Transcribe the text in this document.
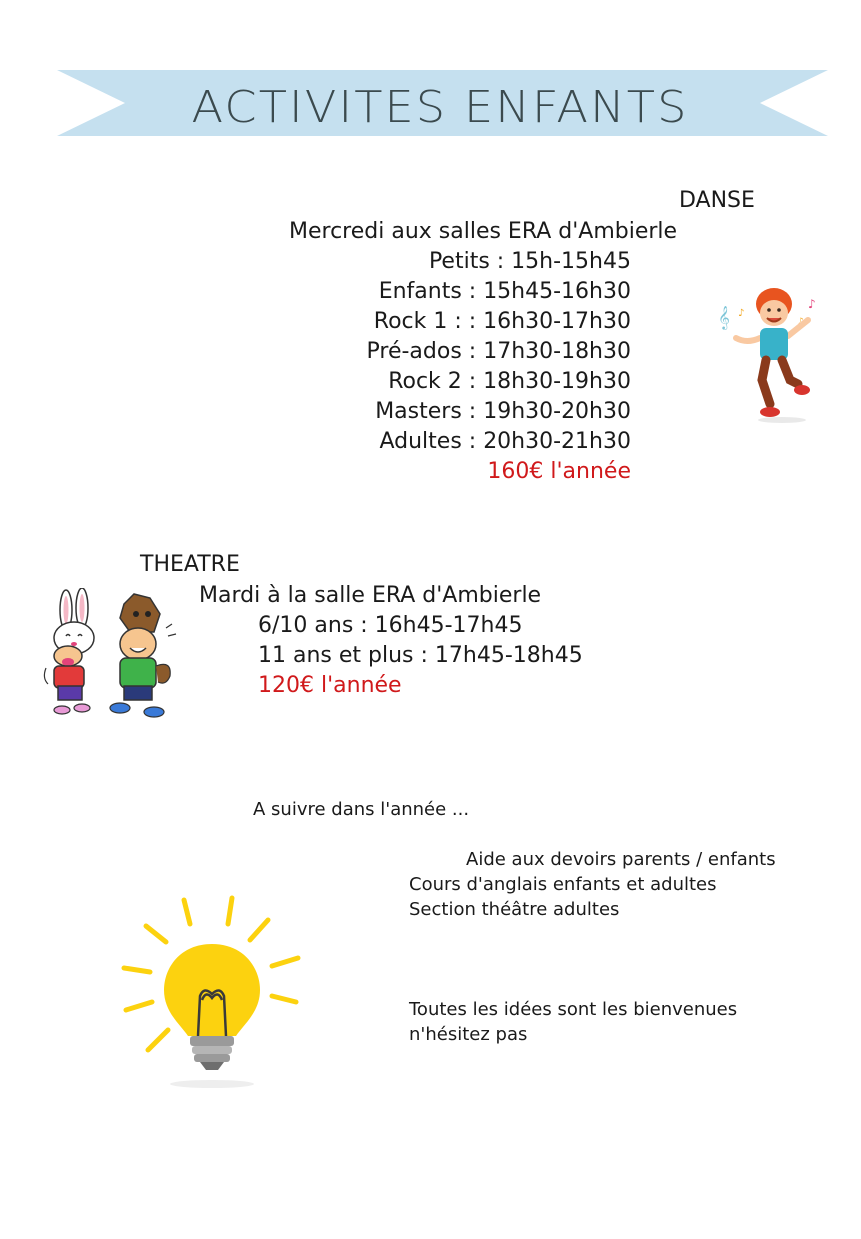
ACTIVITES ENFANTS
DANSE
Mercredi aux salles ERA d'Ambierle
Petits : 15h-15h45
Enfants : 15h45-16h30
Rock 1 : : 16h30-17h30
Pré-ados : 17h30-18h30
Rock 2 : 18h30-19h30
Masters : 19h30-20h30
Adultes : 20h30-21h30
160€ l'année
𝄞 ♪
♪
♪
THEATRE
Mardi à la salle ERA d'Ambierle
6/10 ans : 16h45-17h45
11 ans et plus : 17h45-18h45
120€ l'année
A suivre dans l'année ...
Aide aux devoirs parents / enfants
Cours d'anglais enfants et adultes
Section théâtre adultes
Toutes les idées sont les bienvenues
n'hésitez pas
